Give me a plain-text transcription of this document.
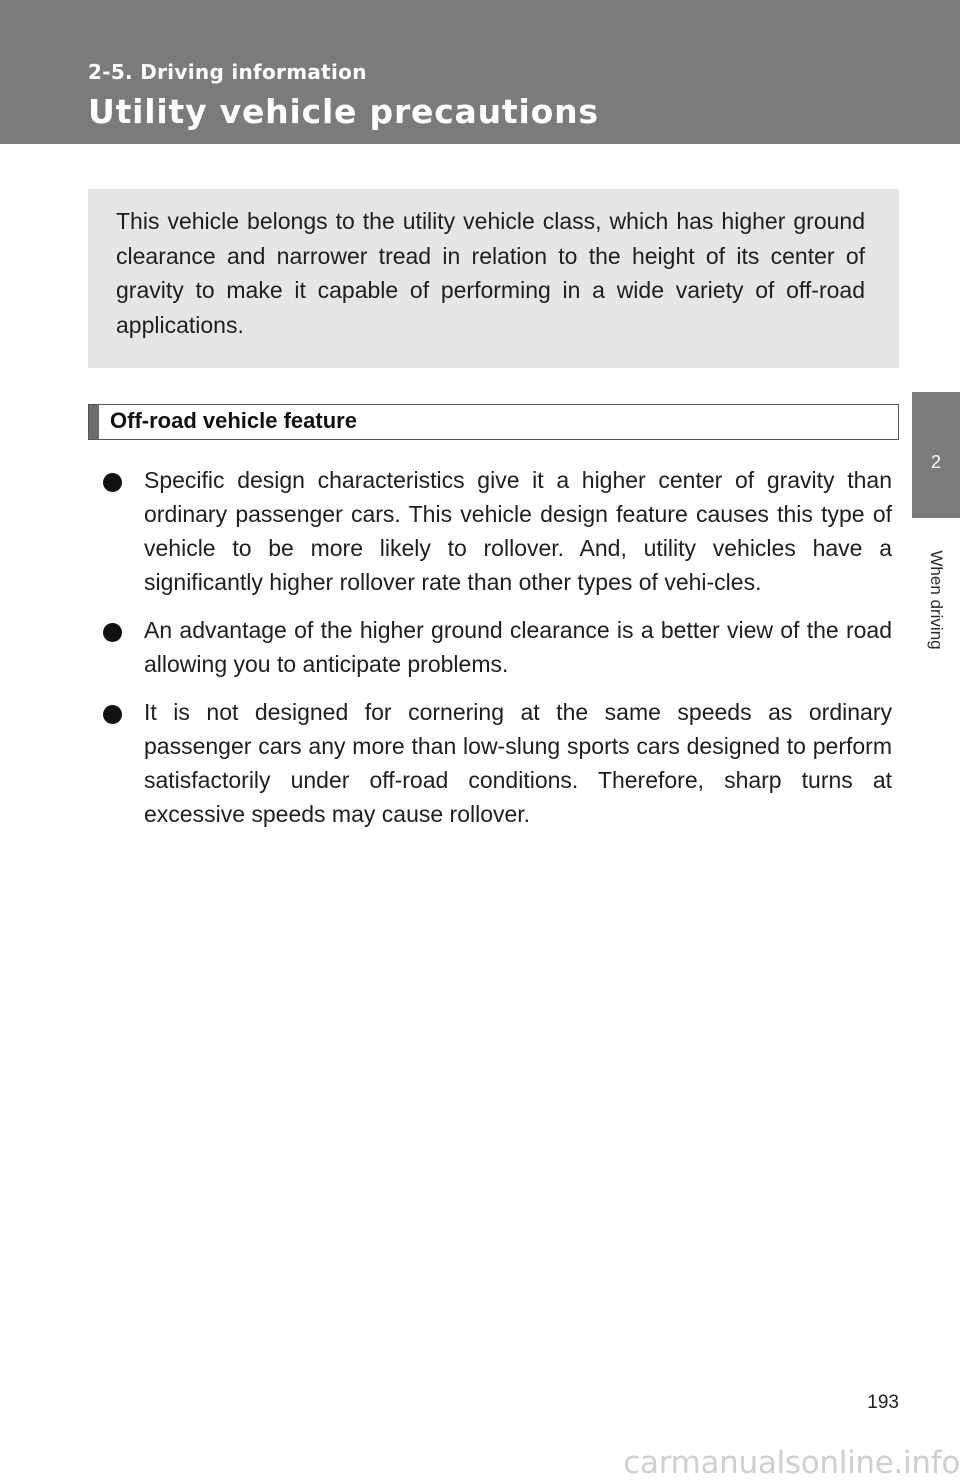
2-5. Driving information
Utility vehicle precautions
2
When driving
This vehicle belongs to the utility vehicle class, which has higher ground clearance and narrower tread in relation to the height of its center of gravity to make it capable of performing in a wide variety of off-road applications.
Off-road vehicle feature
Specific design characteristics give it a higher center of gravity than ordinary passenger cars. This vehicle design feature causes this type of vehicle to be more likely to rollover. And, utility vehicles have a significantly higher rollover rate than other types of vehi-cles.
An advantage of the higher ground clearance is a better view of the road allowing you to anticipate problems.
It is not designed for cornering at the same speeds as ordinary passenger cars any more than low-slung sports cars designed to perform satisfactorily under off-road conditions. Therefore, sharp turns at excessive speeds may cause rollover.
193
carmanualsonline.info
